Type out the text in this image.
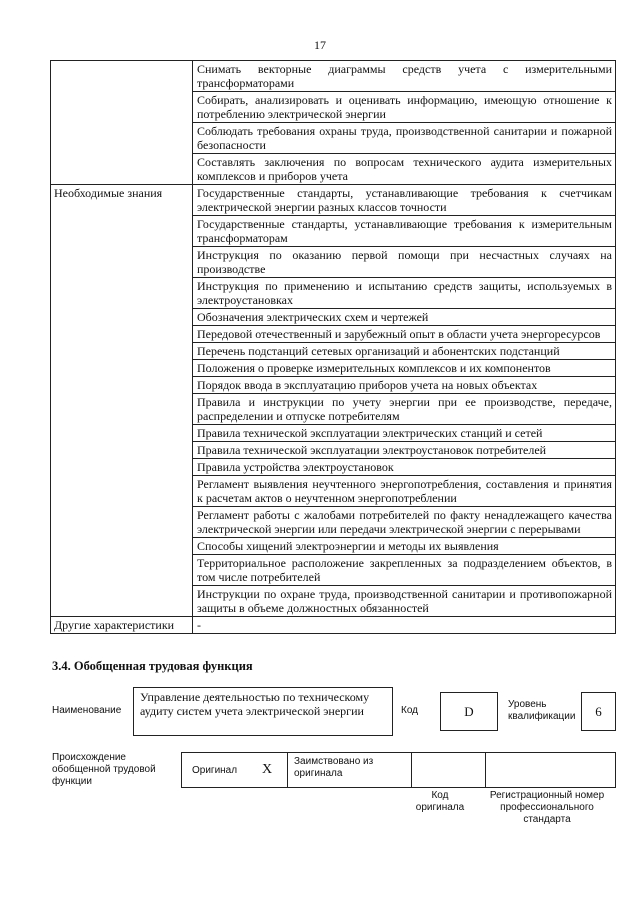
17
	Снимать векторные диаграммы средств учета с измерительными трансформаторами
	Собирать, анализировать и оценивать информацию, имеющую отношение к потреблению электрической энергии
	Соблюдать требования охраны труда, производственной санитарии и пожарной безопасности
	Составлять заключения по вопросам технического аудита измерительных комплексов и приборов учета
Необходимые знания	Государственные стандарты, устанавливающие требования к счетчикам электрической энергии разных классов точности
	Государственные стандарты, устанавливающие требования к измерительным трансформаторам
	Инструкция по оказанию первой помощи при несчастных случаях на производстве
	Инструкция по применению и испытанию средств защиты, используемых в электроустановках
	Обозначения электрических схем и чертежей
	Передовой отечественный и зарубежный опыт в области учета энергоресурсов
	Перечень подстанций сетевых организаций и абонентских подстанций
	Положения о проверке измерительных комплексов и их компонентов
	Порядок ввода в эксплуатацию приборов учета на новых объектах
	Правила и инструкции по учету энергии при ее производстве, передаче, распределении и отпуске потребителям
	Правила технической эксплуатации электрических станций и сетей
	Правила технической эксплуатации электроустановок потребителей
	Правила устройства электроустановок
	Регламент выявления неучтенного энергопотребления, составления и принятия к расчетам актов о неучтенном энергопотреблении
	Регламент работы с жалобами потребителей по факту ненадлежащего качества электрической энергии или передачи электрической энергии с перерывами
	Способы хищений электроэнергии и методы их выявления
	Территориальное расположение закрепленных за подразделением объектов, в том числе потребителей
	Инструкции по охране труда, производственной санитарии и противопожарной защиты в объеме должностных обязанностей
Другие характеристики	-
3.4. Обобщенная трудовая функция
Наименование
Управление деятельностью по техническому аудиту систем учета электрической энергии	Код	D	Уровень квалификации	6
Происхождение обобщенной трудовой функции
Оригинал X
Заимствовано из оригинала
Код оригинала
Регистрационный номер профессионального стандарта
